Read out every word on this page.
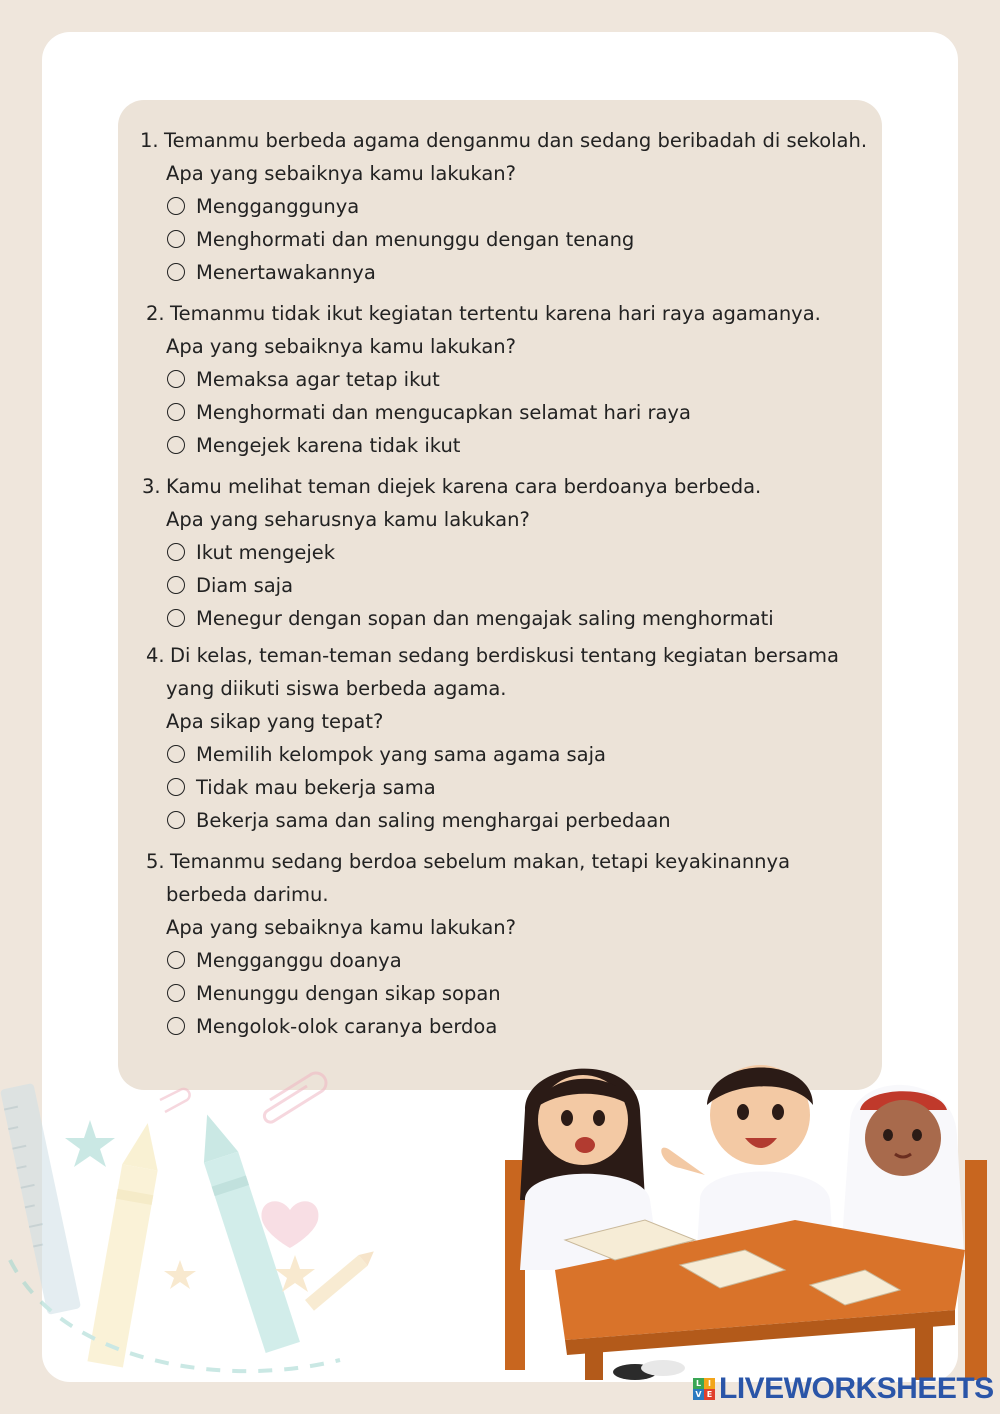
1. Temanmu berbeda agama denganmu dan sedang beribadah di sekolah.
Apa yang sebaiknya kamu lakukan?
Mengganggunya
Menghormati dan menunggu dengan tenang
Menertawakannya
2. Temanmu tidak ikut kegiatan tertentu karena hari raya agamanya.
Apa yang sebaiknya kamu lakukan?
Memaksa agar tetap ikut
Menghormati dan mengucapkan selamat hari raya
Mengejek karena tidak ikut
3. Kamu melihat teman diejek karena cara berdoanya berbeda.
Apa yang seharusnya kamu lakukan?
Ikut mengejek
Diam saja
Menegur dengan sopan dan mengajak saling menghormati
4. Di kelas, teman-teman sedang berdiskusi tentang kegiatan bersama
yang diikuti siswa berbeda agama.
Apa sikap yang tepat?
Memilih kelompok yang sama agama saja
Tidak mau bekerja sama
Bekerja sama dan saling menghargai perbedaan
5. Temanmu sedang berdoa sebelum makan, tetapi keyakinannya
berbeda darimu.
Apa yang sebaiknya kamu lakukan?
Mengganggu doanya
Menunggu dengan sikap sopan
Mengolok-olok caranya berdoa
L I
V E LIVEWORKSHEETS
